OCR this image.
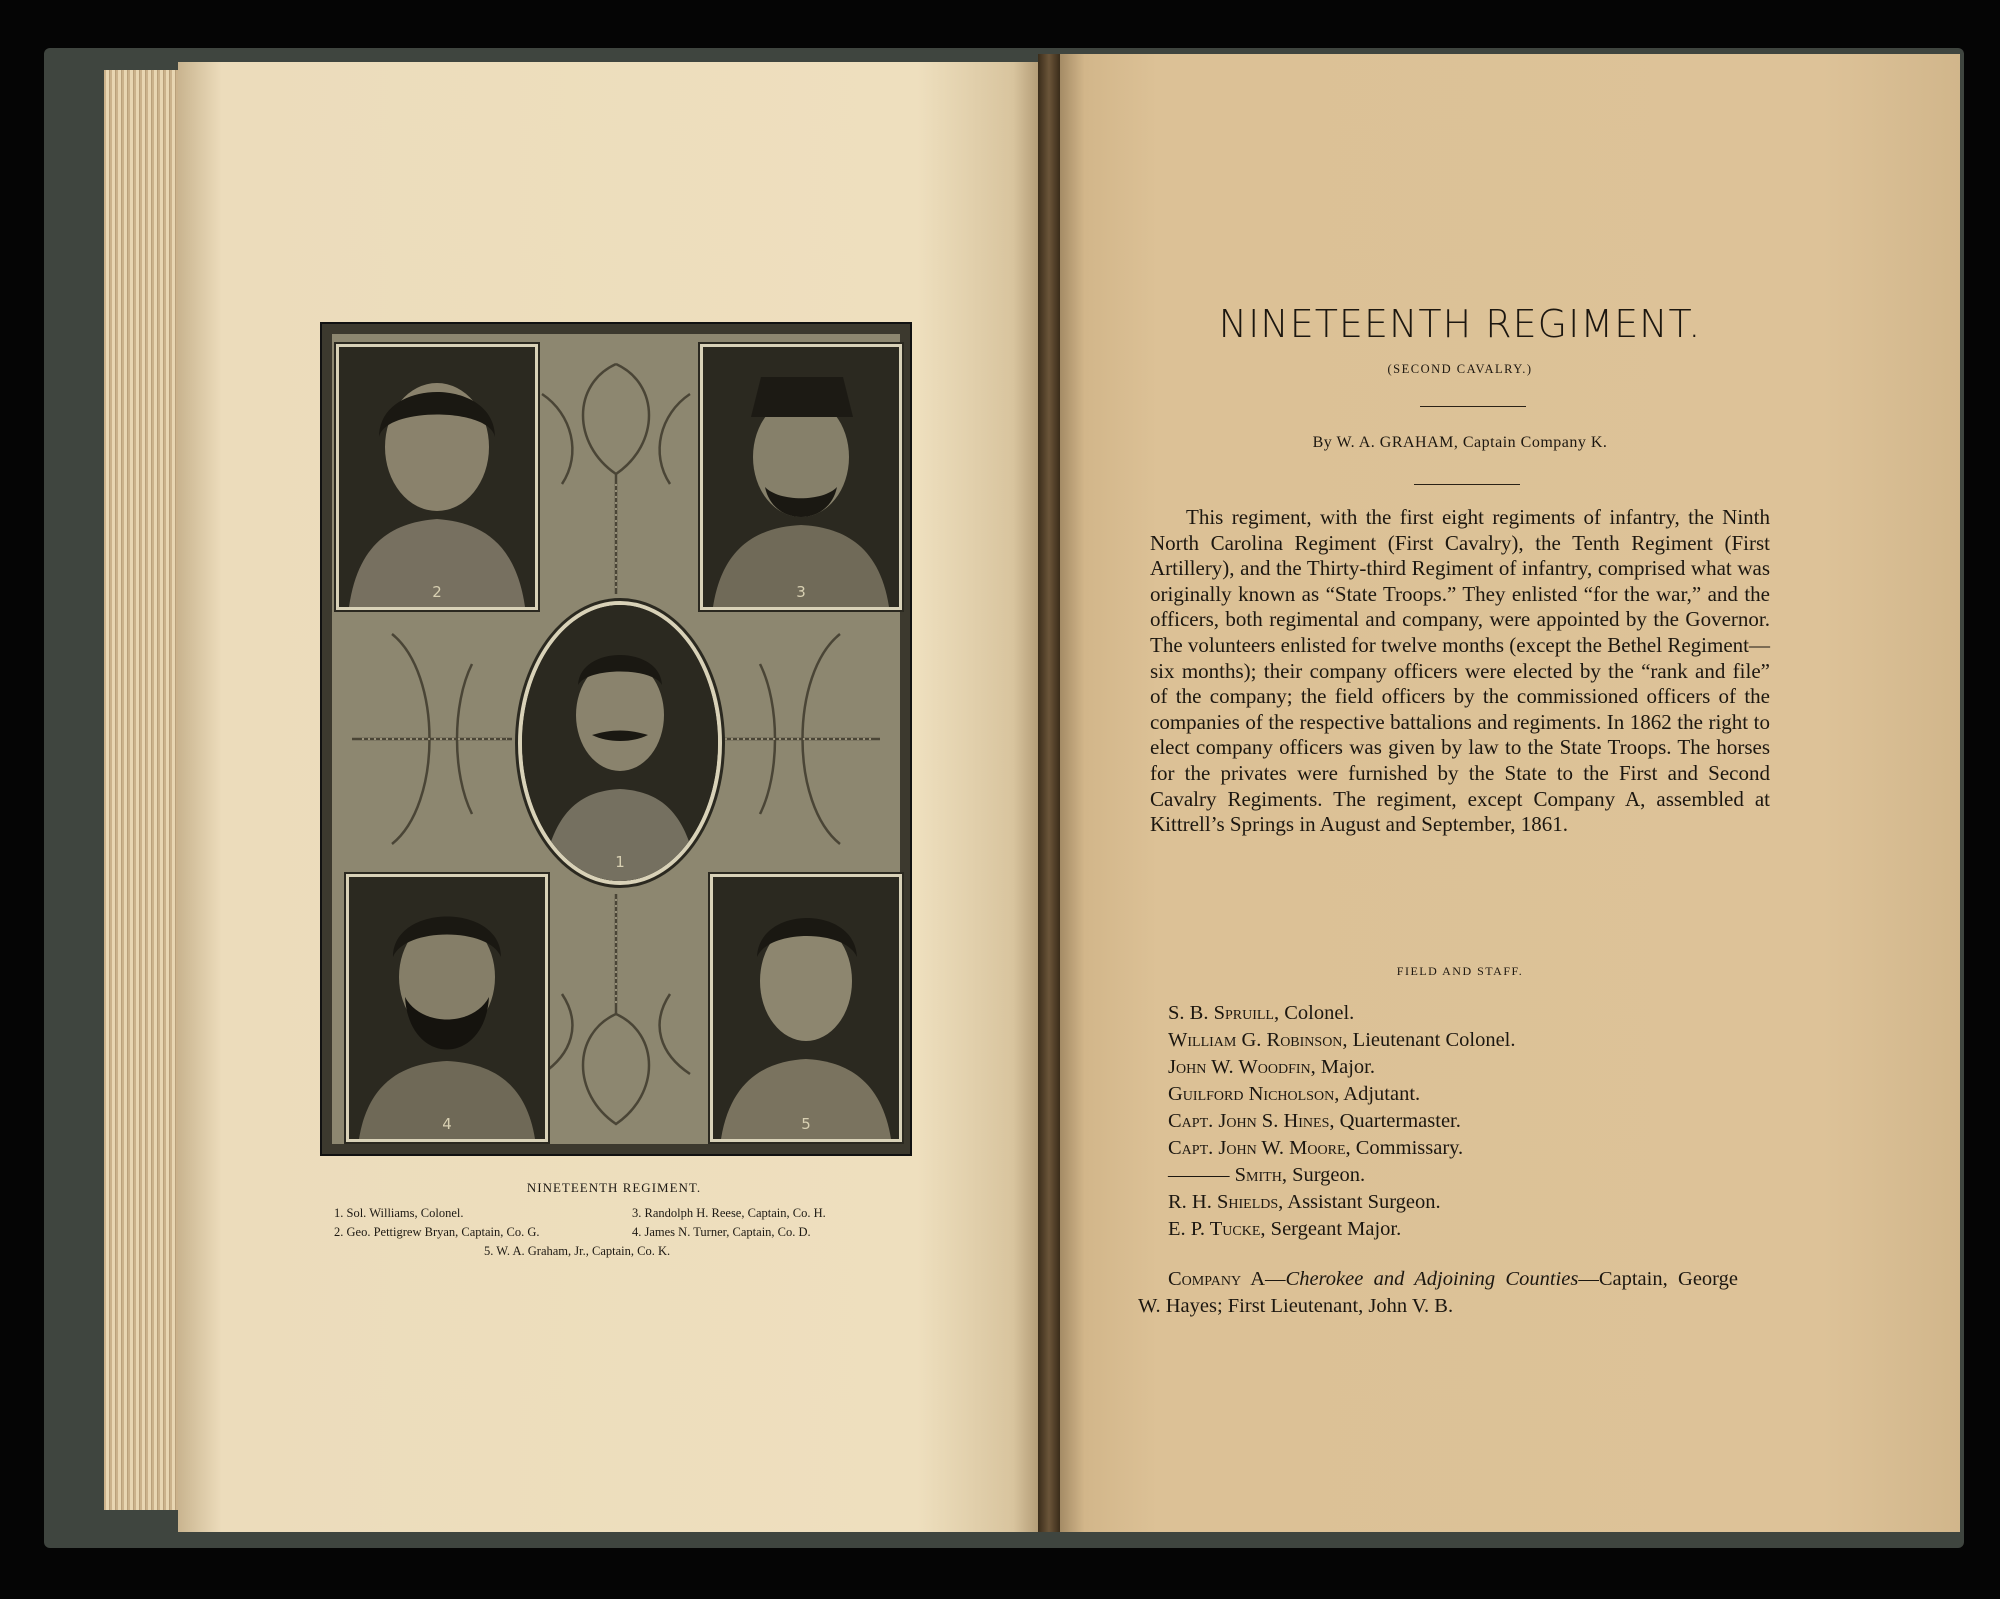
2	3
1
4	5
NINETEENTH REGIMENT.
1. Sol. Williams, Colonel.	3. Randolph H. Reese, Captain, Co. H.
2. Geo. Pettigrew Bryan, Captain, Co. G.	4. James N. Turner, Captain, Co. D.
5. W. A. Graham, Jr., Captain, Co. K.
NINETEENTH REGIMENT.
(SECOND CAVALRY.)
By W. A. GRAHAM, Captain Company K.

This regiment, with the first eight regiments of infantry, the Ninth North Carolina Regiment (First Cavalry), the Tenth Regiment (First Artillery), and the Thirty-third Regiment of infantry, comprised what was originally known as “State Troops.” They enlisted “for the war,” and the officers, both regimental and company, were appointed by the Governor. The volunteers enlisted for twelve months (except the Bethel Regiment—six months); their company officers were elected by the “rank and file” of the company; the field officers by the commissioned officers of the companies of the respective battalions and regiments. In 1862 the right to elect company officers was given by law to the State Troops. The horses for the privates were furnished by the State to the First and Second Cavalry Regiments. The regiment, except Company A, assembled at Kittrell’s Springs in August and September, 1861.

FIELD AND STAFF.
S. B. Spruill, Colonel.
William G. Robinson, Lieutenant Colonel.
John W. Woodfin, Major.
Guilford Nicholson, Adjutant.
Capt. John S. Hines, Quartermaster.
Capt. John W. Moore, Commissary.
——— Smith, Surgeon.
R. H. Shields, Assistant Surgeon.
E. P. Tucke, Sergeant Major.

Company A—Cherokee and Adjoining Counties—Captain, George W. Hayes; First Lieutenant, John V. B.
